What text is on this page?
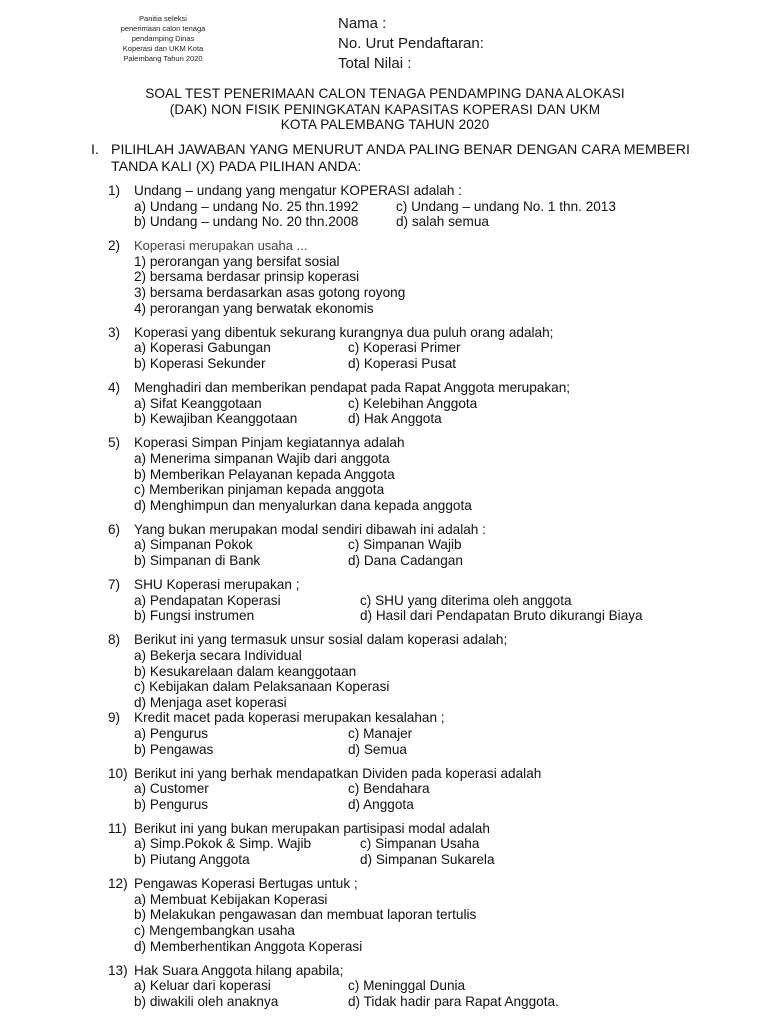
Panitia seleksi
penerimaan calon tenaga
pendamping Dinas
Koperasi dan UKM Kota
Palembang Tahun 2020
Nama :
No. Urut Pendaftaran:
Total Nilai :
SOAL TEST PENERIMAAN CALON TENAGA PENDAMPING DANA ALOKASI
(DAK) NON FISIK PENINGKATAN KAPASITAS KOPERASI DAN UKM
KOTA PALEMBANG TAHUN 2020
I. PILIHLAH JAWABAN YANG MENURUT ANDA PALING BENAR DENGAN CARA MEMBERI
TANDA KALI (X) PADA PILIHAN ANDA:
1)	Undang – undang yang mengatur KOPERASI adalah :
a) Undang – undang No. 25 thn.1992	c) Undang – undang No. 1 thn. 2013
b) Undang – undang No. 20 thn.2008	d) salah semua
2)	Koperasi merupakan usaha ...
1) perorangan yang bersifat sosial
2) bersama berdasar prinsip koperasi
3) bersama berdasarkan asas gotong royong
4) perorangan yang berwatak ekonomis
3)	Koperasi yang dibentuk sekurang kurangnya dua puluh orang adalah;
a) Koperasi Gabungan	c) Koperasi Primer
b) Koperasi Sekunder	d) Koperasi Pusat
4)	Menghadiri dan memberikan pendapat pada Rapat Anggota merupakan;
a) Sifat Keanggotaan	c) Kelebihan Anggota
b) Kewajiban Keanggotaan	d) Hak Anggota
5)	Koperasi Simpan Pinjam kegiatannya adalah
a) Menerima simpanan Wajib dari anggota
b) Memberikan Pelayanan kepada Anggota
c) Memberikan pinjaman kepada anggota
d) Menghimpun dan menyalurkan dana kepada anggota
6)	Yang bukan merupakan modal sendiri dibawah ini adalah :
a) Simpanan Pokok	c) Simpanan Wajib
b) Simpanan di Bank	d) Dana Cadangan
7)	SHU Koperasi merupakan ;
a) Pendapatan Koperasi	c) SHU yang diterima oleh anggota
b) Fungsi instrumen	d) Hasil dari Pendapatan Bruto dikurangi Biaya
8)	Berikut ini yang termasuk unsur sosial dalam koperasi adalah;
a) Bekerja secara Individual
b) Kesukarelaan dalam keanggotaan
c) Kebijakan dalam Pelaksanaan Koperasi
d) Menjaga aset koperasi
9)	Kredit macet pada koperasi merupakan kesalahan ;
a) Pengurus	c) Manajer
b) Pengawas	d) Semua
10) Berikut ini yang berhak mendapatkan Dividen pada koperasi adalah
a) Customer	c) Bendahara
b) Pengurus	d) Anggota
11) Berikut ini yang bukan merupakan partisipasi modal adalah
a) Simp.Pokok & Simp. Wajib	c) Simpanan Usaha
b) Piutang Anggota	d) Simpanan Sukarela
12) Pengawas Koperasi Bertugas untuk ;
a) Membuat Kebijakan Koperasi
b) Melakukan pengawasan dan membuat laporan tertulis
c) Mengembangkan usaha
d) Memberhentikan Anggota Koperasi
13) Hak Suara Anggota hilang apabila;
a) Keluar dari koperasi	c) Meninggal Dunia
b) diwakili oleh anaknya	d) Tidak hadir para Rapat Anggota.
